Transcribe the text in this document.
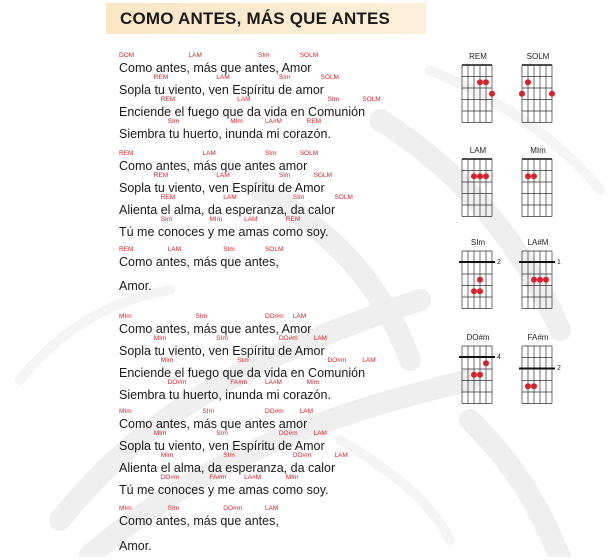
COMO ANTES, MÁS QUE ANTES
Como antes, más que antes, Amor
DOM	LAM	SIm	SOLM
Sopla tu viento, ven Espíritu de amor
REM	LAM	SIm	SOLM
Enciende el fuego que da vida en Comunión
REM	LAM	SIm	SOLM
Siembra tu huerto, inunda mi corazón.
SIm	MIm	LA#M	REM
Como antes, más que antes amor
REM	LAM	SIm	SOLM
Sopla tu viento, ven Espíritu de Amor
REM	LAM	SIm	SOLM
Alienta el alma, da esperanza, da calor
REM	LAM	SIm	SOLM
Tú me conoces y me amas como soy.
SIm	MIm	LAM	REM
Como antes, más que antes,
REM	LAM	SIm	SOLM
Amor.
Como antes, más que antes, Amor
MIm	SIm	DO#m LAM
Sopla tu viento, ven Espíritu de Amor
MIm	SIm	DO#m LAM
Enciende el fuego que da vida en Comunión
MIm	SIm	DO#m LAM
Siembra tu huerto, inunda mi corazón.
DO#m	FA#m	LA#M	MIm
Como antes, más que antes amor
MIm	SIm	DO#m LAM
Sopla tu viento, ven Espíritu de Amor
MIm	SIm	DO#m LAM
Alienta el alma, da esperanza, da calor
MIm	SIm	DO#m	LAM
Tú me conoces y me amas como soy.
DO#m	FA#m	LA#M	MIm
Como antes, más que antes,
MIm	SIm	DO#m	LAM
Amor.
REM	SOLM
LAM	MIm
SIm
2
LA#M
1
DO#m
4
FA#m
2
